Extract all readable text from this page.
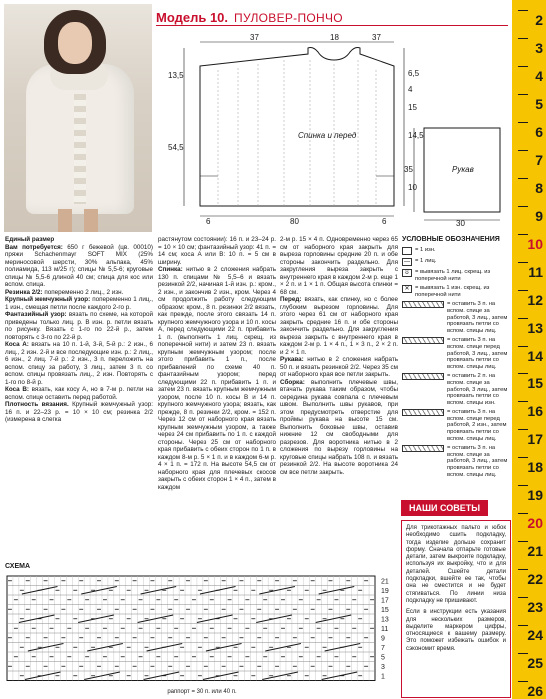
Модель 10. ПУЛОВЕР-ПОНЧО
Спинка и перед
Рукав
37	18	37
13,5
54,5
6,5
4
15
14,5
10
6	80	6
35
30

Единый размер

Вам потребуется: 650 г бежевой (цв. 00010) пряжи Schachenmayr SOFT MIX (25% мериносовой шерсти, 30% альпака, 45% полиамида, 113 м/25 г); спицы № 5,5-6; круговые спицы № 5,5-6 длиной 40 см; спица для кос или вспом. спица.

Резинка 2/2: попеременно 2 лиц., 2 изн.

Крупный жемчужный узор: попеременно 1 лиц., 1 изн., смещая петли после каждого 2-го р.

Фантазийный узор: вязать по схеме, на которой приведены только лиц. р. В изн. р. петли вязать по рисунку. Вязать с 1-го по 22-й р., затем повторять с 3-го по 22-й р.

Коса А: вязать на 10 п. 1-й, 3-й, 5-й р.: 2 изн., 6 лиц., 2 изн. 2-й и все последующие изн. р.: 2 лиц., 6 изн., 2 лиц. 7-й р.: 2 изн., 3 п. переложить на вспом. спицу за работу, 3 лиц., затем 3 п. со вспом. спицы провязать лиц., 2 изн. Повторять с 1-го по 8-й р.

Коса В: вязать, как косу А, но в 7-м р. петли на вспом. спице оставить перед работой.

Плотность вязания. Крупный жемчужный узор: 16 п. и 22–23 р. = 10 × 10 см; резинка 2/2 (измерена в слегка

растянутом состоянии): 16 п. и 23–24 р. = 10 × 10 см; фантазийный узор: 41 п. = 14 см; коса А или В: 10 п. = 5 см в ширину.

Спинка: нитью в 2 сложения набрать 130 п. спицами № 5,5–6 и вязать резинкой 2/2, начиная 1-й изн. р.: кром., 2 изн., и закончив 2 изн., кром. Через 4 см продолжить работу следующим образом: кром., 8 п. резинки 2/2 вязать, как прежде, после этого связать 14 п. крупного жемчужного узора и 10 п. косы А, перед следующими 22 п. прибавить 1 п. (выполнить 1 лиц. скрещ. из поперечной нити) и затем 23 п. вязать крупным жемчужным узором; после этого прибавить 1 п., после прибавлений по схеме 40 п. фантазийным узором; перед следующими 22 п. прибавить 1 п. и затем 23 п. вязать крупным жемчужным узором, после 10 п. косы В и 14 п. крупного жемчужного узора; вязать, как прежде, 8 п. резинки 2/2, кром. = 152 п. Через 12 см от наборного края вязать крупным жемчужным узором, а также через 24 см прибавить по 1 п. с каждой стороны. Через 25 см от наборного края прибавить с обеих сторон по 1 п. в каждом 8-м р. 5 × 1 п. и в каждом 6-м р. 4 × 1 п. = 172 п. На высоте 54,5 см от наборного края для плечевых скосов закрыть с обеих сторон 1 × 4 п., затем в каждом

2-м р. 15 × 4 п. Одновременно через 65 см от наборного края закрыть для выреза горловины средние 20 п. и обе стороны закончить раздельно. Для закругления выреза закрыть с внутреннего края в каждом 2-м р. еще 1 × 2 п. и 1 × 1 п. Общая высота спинки = 68 см.

Перед: вязать, как спинку, но с более глубоким вырезом горловины. Для этого через 61 см от наборного края закрыть средние 16 п. и обе стороны закончить раздельно. Для закругления выреза закрыть с внутреннего края в каждом 2-м р. 1 × 4 п., 1 × 3 п., 2 × 2 п. и 2 × 1 п.

Рукава: нитью в 2 сложения набрать 50 п. и вязать резинкой 2/2. Через 35 см от наборного края все петли закрыть.

Сборка: выполнить плечевые швы, втачать рукава таким образом, чтобы середина рукава совпала с плечевым швом. Выполнить швы рукавов, при этом предусмотреть отверстие для проймы рукава на высоте 15 см. Выполнить боковые швы, оставив нижние 12 см свободными для разрезов. Для воротника нитью в 2 сложения по вырезу горловины на круговые спицы набрать 108 п. и вязать резинкой 2/2. На высоте воротника 24 см все петли закрыть.

УСЛОВНЫЕ ОБОЗНАЧЕНИЯ
= 1 изн.
— = 1 лиц.
ʊ	= вывязать 1 лиц. скрещ. из поперечной нити
✕ = вывязать 1 изн. скрещ. из поперечной нити
= оставить 3 п. на вспом. спице за работой, 3 лиц., затем провязать петли со вспом. спицы лиц.
= оставить 3 п. на вспом. спице перед работой, 3 лиц., затем провязать петли со вспом. спицы лиц.
= оставить 2 п. на вспом. спице за работой, 3 лиц., затем провязать петли со вспом. спицы изн.
= оставить 3 п. на вспом. спице перед работой, 2 изн., затем провязать петли со вспом. спицы лиц.
= оставить 3 п. на вспом. спице за работой, 3 лиц., затем провязать петли со вспом. спицы лиц.
НАШИ СОВЕТЫ

Для трикотажных пальто и юбок необходимо сшить подкладку, тогда изделие дольше сохранит форму. Сначала отпарьте готовые детали, затем выкроите подкладку, используя их выкройку, что и для деталей. Сшейте детали подкладки, вшейте ее так, чтобы она не сместится и не будет стягиваться. По линии низа подкладку не пришивают.

Если в инструкции есть указания для нескольких размеров, выделите маркером цифры, относящиеся к вашему размеру. Это поможет избежать ошибок и сэкономит время.

СХЕМА
21
19
17
15
13
11
9
7
5
3
1
раппорт = 30 п. или 40 п.
2
3
4
5
6
7
8
9
10
11
12
13
14
15
16
17
18
19
20
21
22
23
24
25
26
